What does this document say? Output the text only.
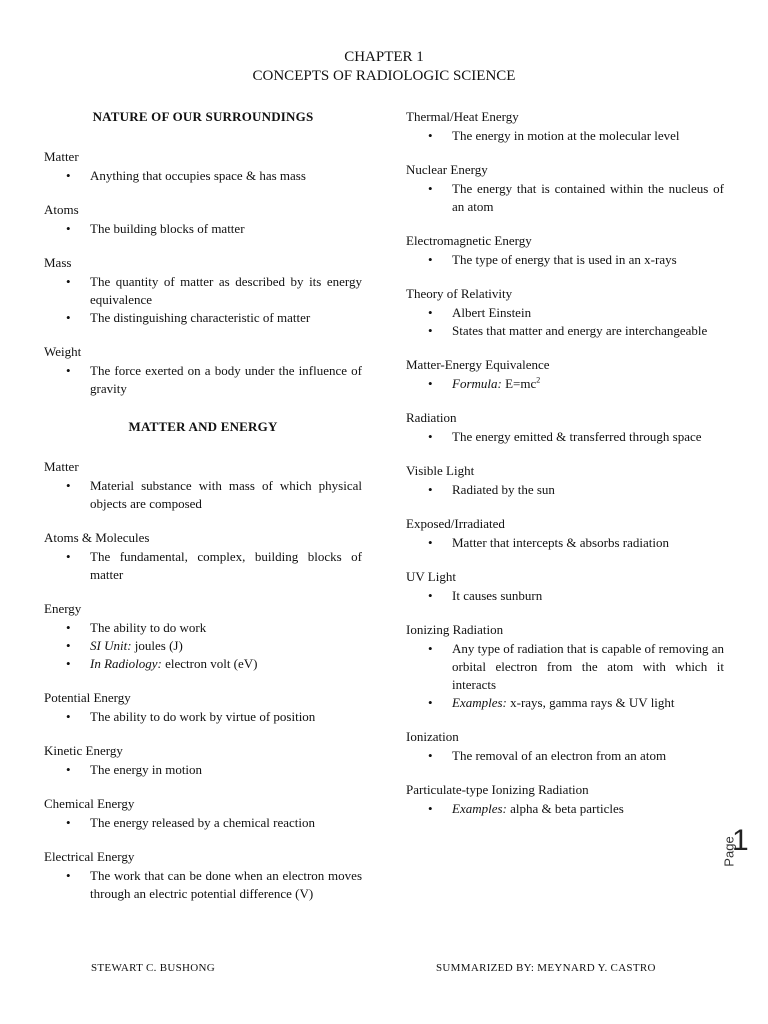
CHAPTER 1
CONCEPTS OF RADIOLOGIC SCIENCE
NATURE OF OUR SURROUNDINGS

Matter

• Anything that occupies space & has mass

Atoms

• The building blocks of matter

Mass

• The quantity of matter as described by its energy equivalence
• The distinguishing characteristic of matter

Weight

• The force exerted on a body under the influence of gravity
MATTER AND ENERGY

Matter

• Material substance with mass of which physical objects are composed

Atoms & Molecules

• The fundamental, complex, building blocks of matter

Energy

• The ability to do work
• SI Unit: joules (J)
• In Radiology: electron volt (eV)

Potential Energy

• The ability to do work by virtue of position

Kinetic Energy

• The energy in motion

Chemical Energy

• The energy released by a chemical reaction

Electrical Energy

• The work that can be done when an electron moves through an electric potential difference (V)

Thermal/Heat Energy

• The energy in motion at the molecular level

Nuclear Energy

• The energy that is contained within the nucleus of an atom

Electromagnetic Energy

• The type of energy that is used in an x-rays

Theory of Relativity

• Albert Einstein
• States that matter and energy are interchangeable

Matter-Energy Equivalence

• Formula: $E=mc^2$

Radiation

• The energy emitted & transferred through space

Visible Light

• Radiated by the sun

Exposed/Irradiated

• Matter that intercepts & absorbs radiation

UV Light

• It causes sunburn

Ionizing Radiation

• Any type of radiation that is capable of removing an orbital electron from the atom with which it interacts
• Examples: x-rays, gamma rays & UV light

Ionization

• The removal of an electron from an atom

Particulate-type Ionizing Radiation

• Examples: alpha & beta particles
Page
1
STEWART C. BUSHONG	SUMMARIZED BY: MEYNARD Y. CASTRO
